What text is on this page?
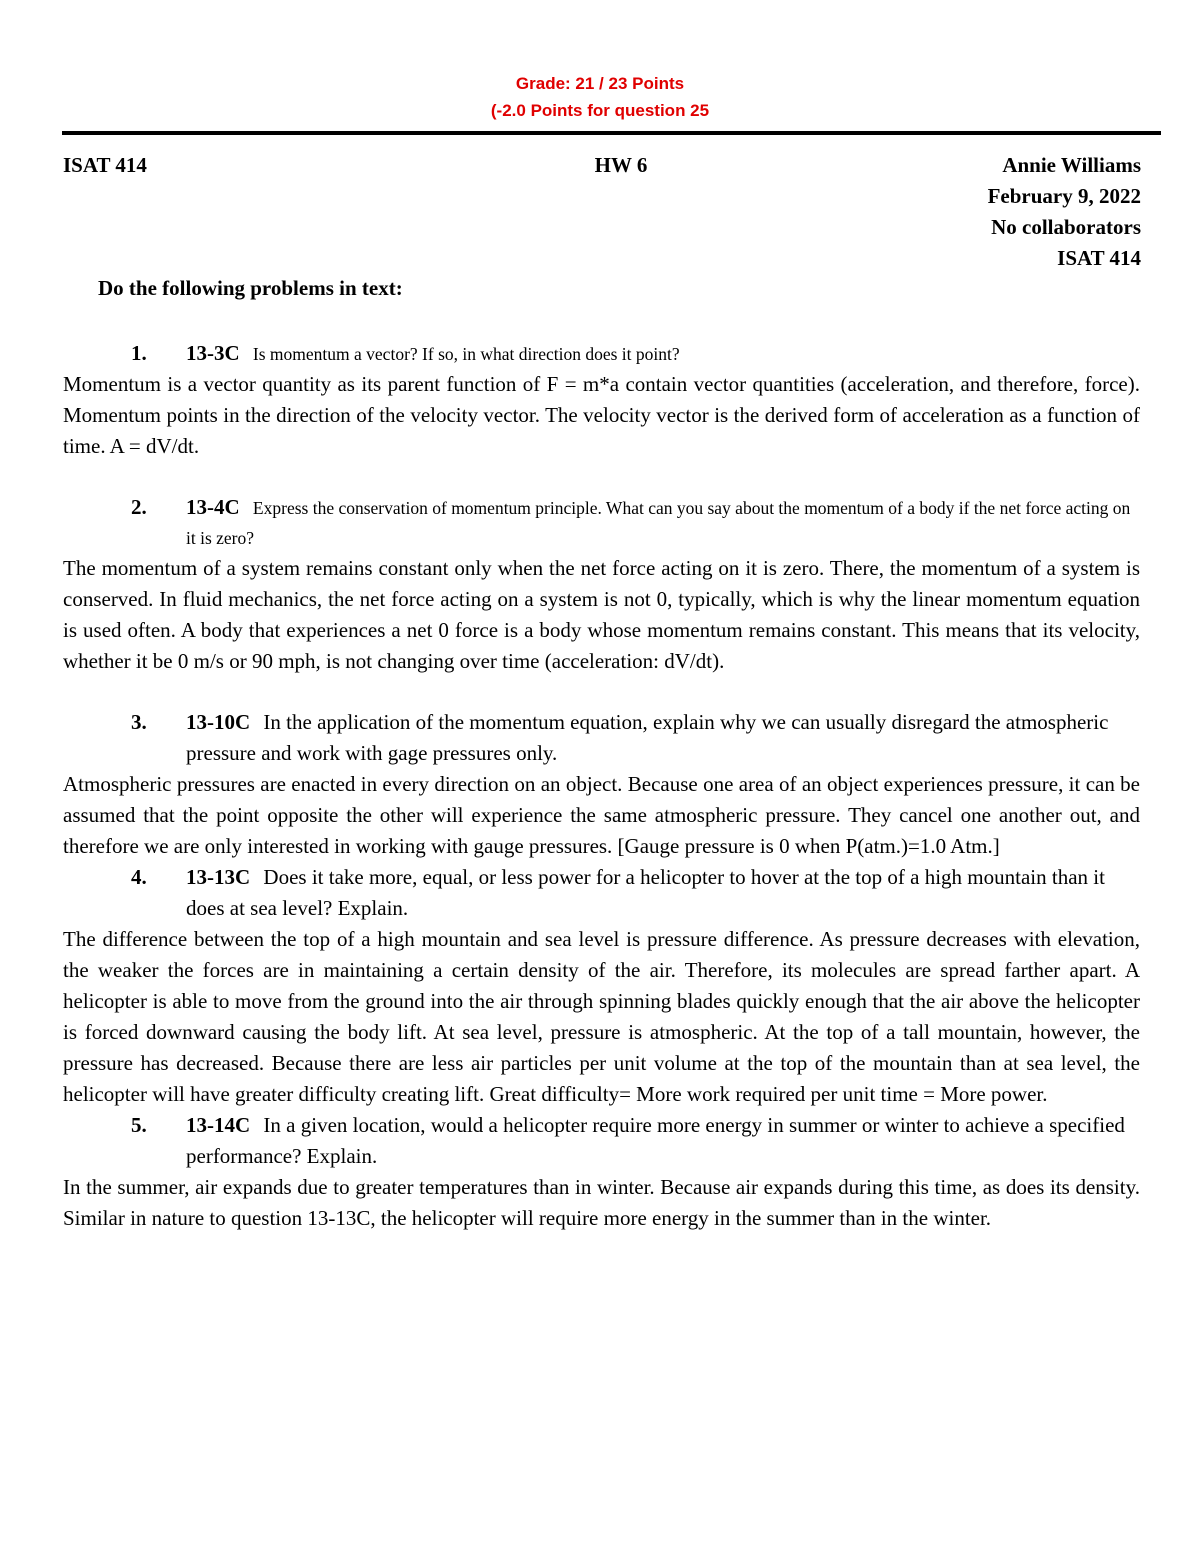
Grade: 21 / 23 Points
(-2.0 Points for question 25
ISAT 414	HW 6	Annie Williams
February 9, 2022
No collaborators
ISAT 414
Do the following problems in text:
1. 13-3C Is momentum a vector? If so, in what direction does it point?

Momentum is a vector quantity as its parent function of F = m*a contain vector quantities (acceleration, and therefore, force). Momentum points in the direction of the velocity vector. The velocity vector is the derived form of acceleration as a function of time. A = dV/dt.

2. 13-4C Express the conservation of momentum principle. What can you say about the momentum of a body if the net force acting on it is zero?

The momentum of a system remains constant only when the net force acting on it is zero. There, the momentum of a system is conserved. In fluid mechanics, the net force acting on a system is not 0, typically, which is why the linear momentum equation is used often. A body that experiences a net 0 force is a body whose momentum remains constant. This means that its velocity, whether it be 0 m/s or 90 mph, is not changing over time (acceleration: dV/dt).

3. 13-10C In the application of the momentum equation, explain why we can usually disregard the atmospheric pressure and work with gage pressures only.

Atmospheric pressures are enacted in every direction on an object. Because one area of an object experiences pressure, it can be assumed that the point opposite the other will experience the same atmospheric pressure. They cancel one another out, and therefore we are only interested in working with gauge pressures. [Gauge pressure is 0 when P(atm.)=1.0 Atm.]

4. 13-13C Does it take more, equal, or less power for a helicopter to hover at the top of a high mountain than it does at sea level? Explain.

The difference between the top of a high mountain and sea level is pressure difference. As pressure decreases with elevation, the weaker the forces are in maintaining a certain density of the air. Therefore, its molecules are spread farther apart. A helicopter is able to move from the ground into the air through spinning blades quickly enough that the air above the helicopter is forced downward causing the body lift. At sea level, pressure is atmospheric. At the top of a tall mountain, however, the pressure has decreased. Because there are less air particles per unit volume at the top of the mountain than at sea level, the helicopter will have greater difficulty creating lift. Great difficulty= More work required per unit time = More power.

5. 13-14C In a given location, would a helicopter require more energy in summer or winter to achieve a specified performance? Explain.

In the summer, air expands due to greater temperatures than in winter. Because air expands during this time, as does its density. Similar in nature to question 13-13C, the helicopter will require more energy in the summer than in the winter.
